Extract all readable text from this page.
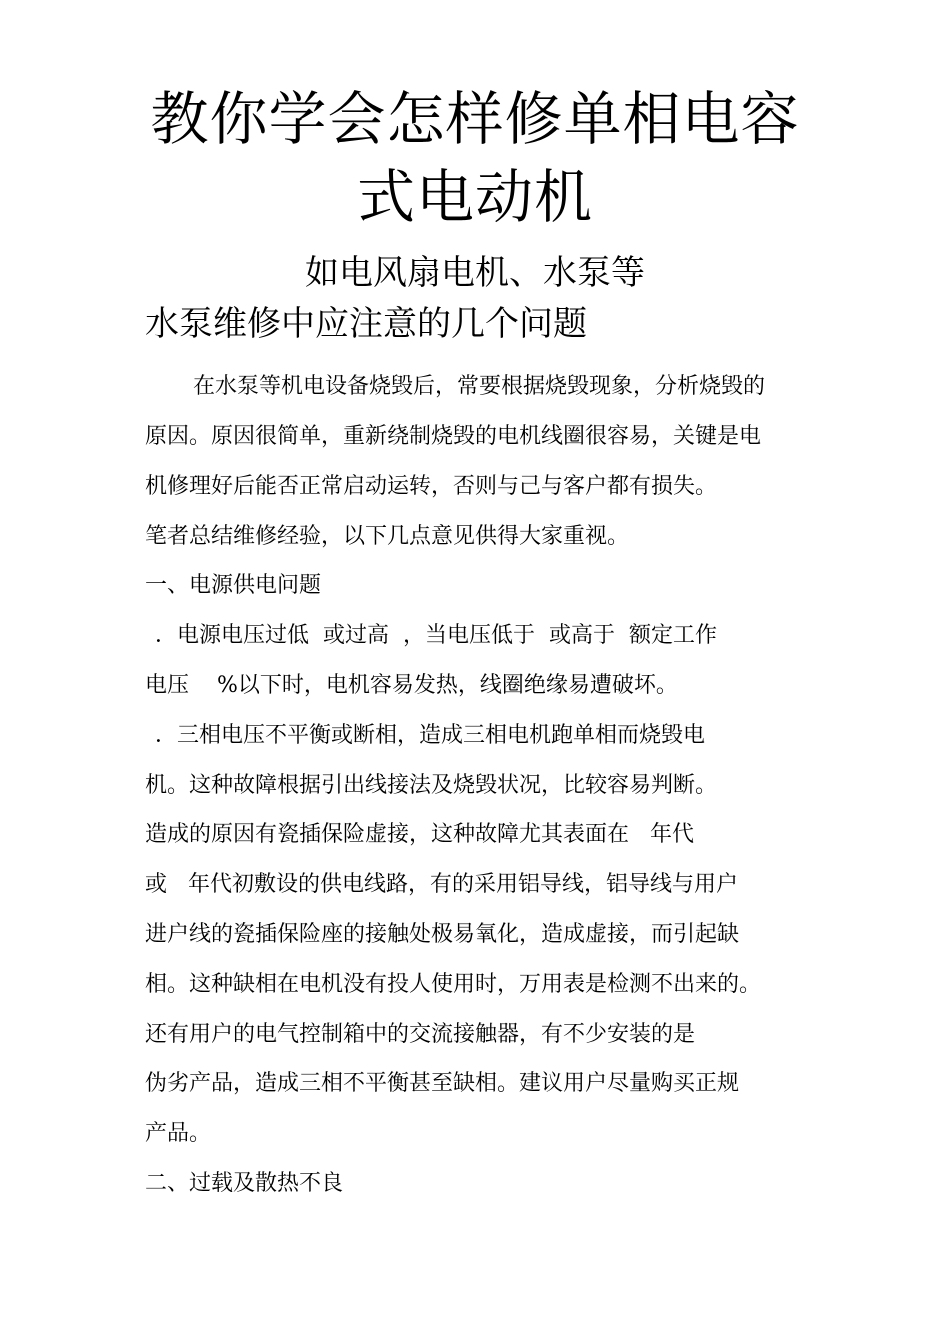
教你学会怎样修单相电容
式电动机
如电风扇电机、水泵等
水泵维修中应注意的几个问题
在水泵等机电设备烧毁后，常要根据烧毁现象，分析烧毁的
原因。原因很简单，重新绕制烧毁的电机线圈很容易，关键是电
机修理好后能否正常启动运转，否则与己与客户都有损失。
笔者总结维修经验，以下几点意见供得大家重视。
一、电源供电问题
．电源电压过低  或过高  ，当电压低于  或高于  额定工作
电压    %以下时，电机容易发热，线圈绝缘易遭破坏。
．三相电压不平衡或断相，造成三相电机跑单相而烧毁电
机。这种故障根据引出线接法及烧毁状况，比较容易判断。
造成的原因有瓷插保险虚接，这种故障尤其表面在   年代
或   年代初敷设的供电线路，有的采用铝导线，铝导线与用户
进户线的瓷插保险座的接触处极易氧化，造成虚接，而引起缺
相。这种缺相在电机没有投人使用时，万用表是检测不出来的。
还有用户的电气控制箱中的交流接触器，有不少安装的是
伪劣产品，造成三相不平衡甚至缺相。建议用户尽量购买正规
产品。
二、过载及散热不良
